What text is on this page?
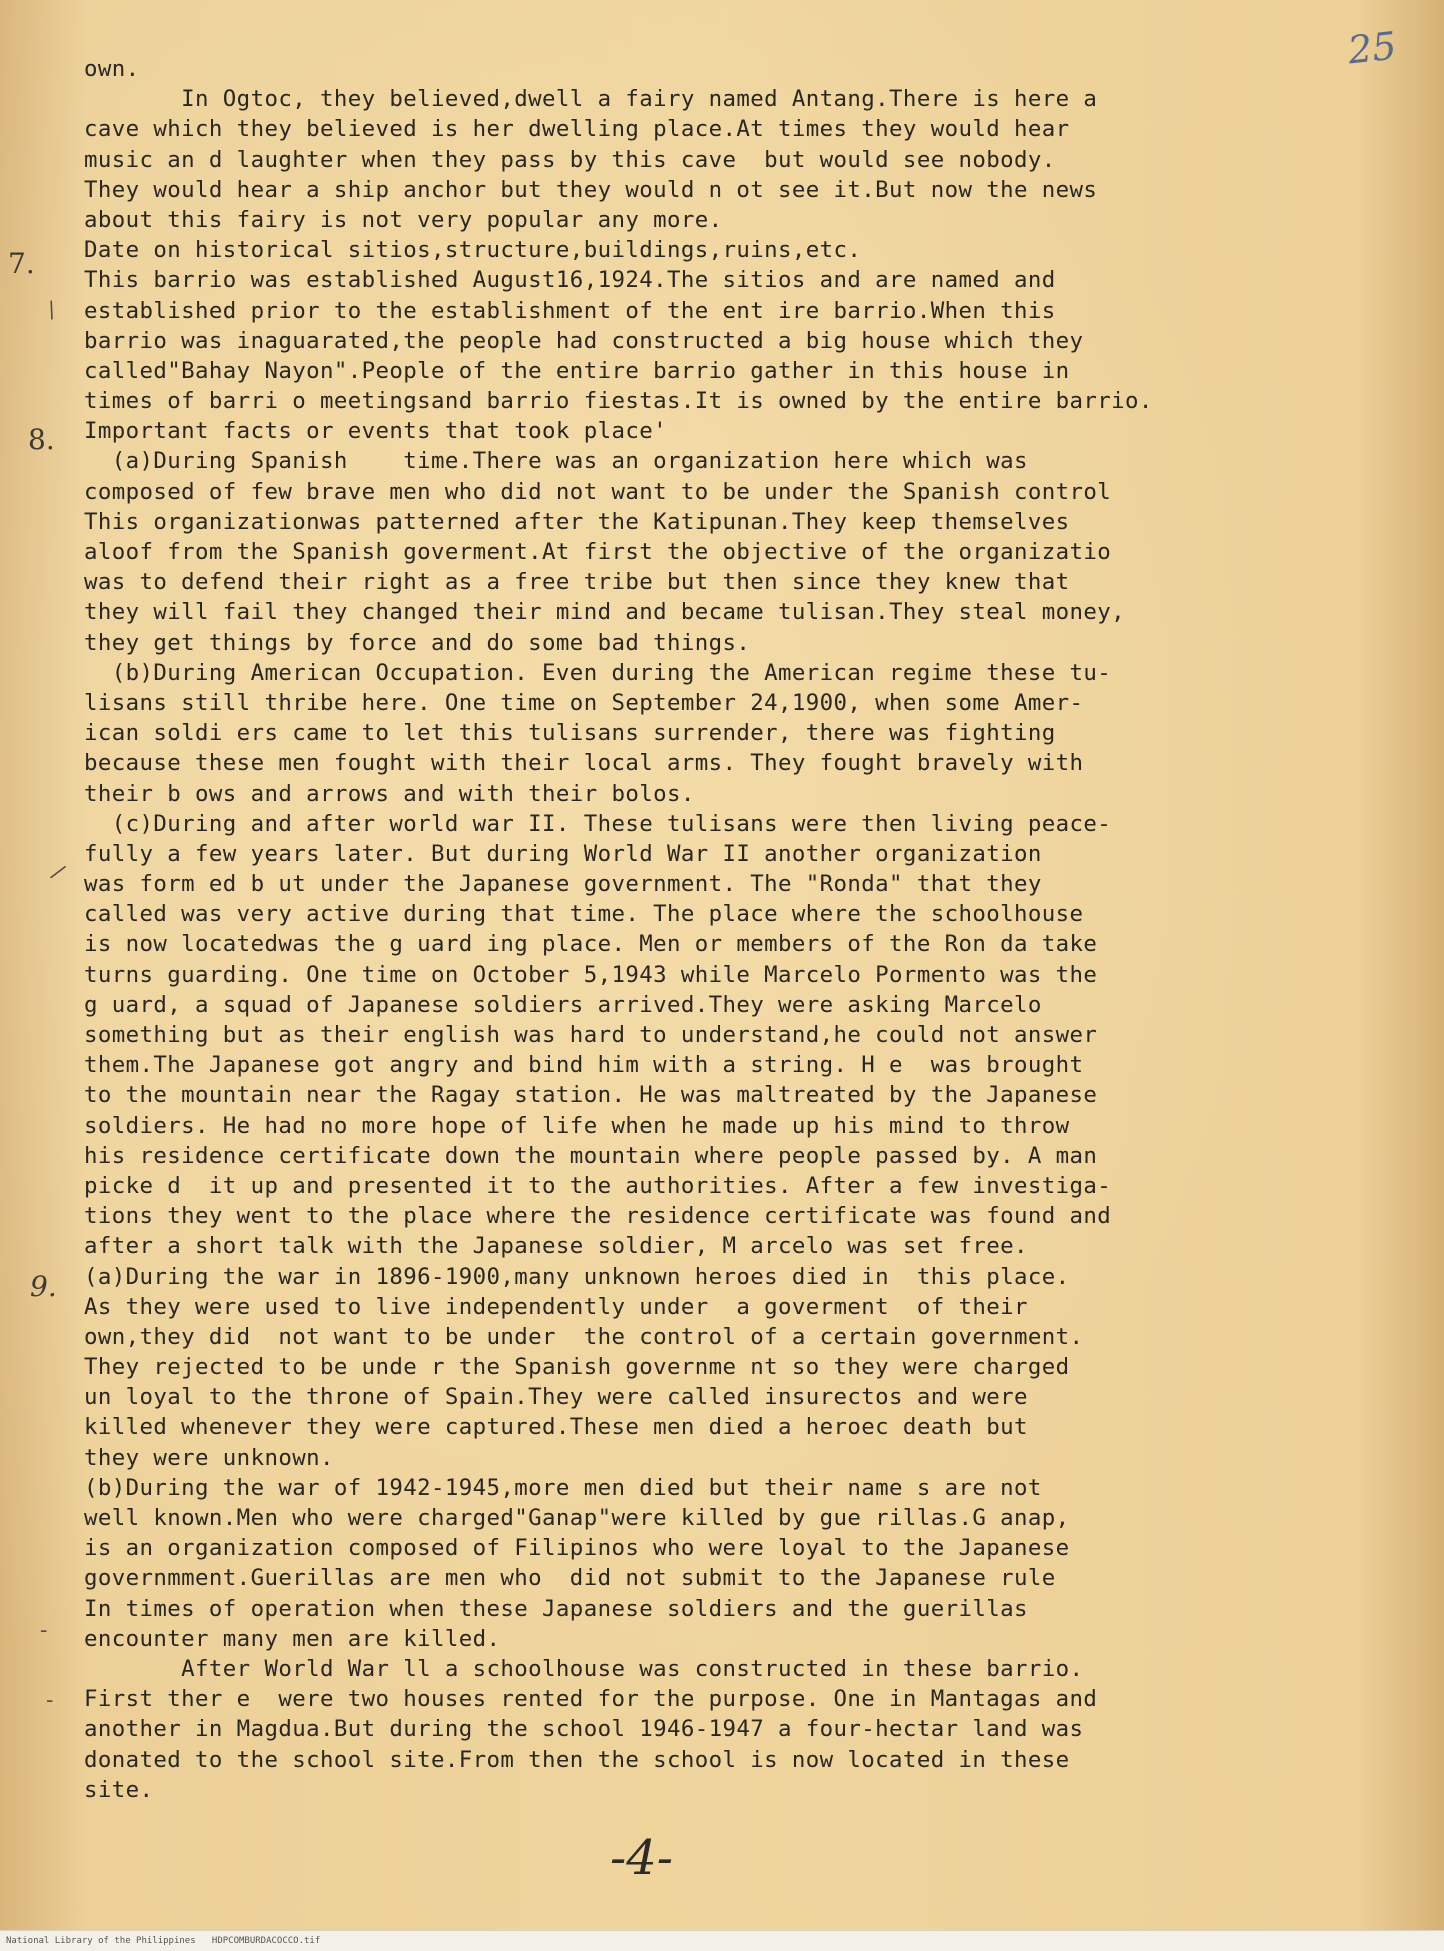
25
7.
8.
9.
/
/
-
-
own.
In Ogtoc, they believed,dwell a fairy named Antang.There is here a
cave which they believed is her dwelling place.At times they would hear
music an d laughter when they pass by this cave  but would see nobody.
They would hear a ship anchor but they would n ot see it.But now the news
about this fairy is not very popular any more.
Date on historical sitios,structure,buildings,ruins,etc.
This barrio was established August16,1924.The sitios and are named and
established prior to the establishment of the ent ire barrio.When this
barrio was inaguarated,the people had constructed a big house which they
called"Bahay Nayon".People of the entire barrio gather in this house in
times of barri o meetingsand barrio fiestas.It is owned by the entire barrio.
Important facts or events that took place'
(a)During Spanish    time.There was an organization here which was
composed of few brave men who did not want to be under the Spanish control
This organizationwas patterned after the Katipunan.They keep themselves
aloof from the Spanish goverment.At first the objective of the organizatio
was to defend their right as a free tribe but then since they knew that
they will fail they changed their mind and became tulisan.They steal money,
they get things by force and do some bad things.
(b)During American Occupation. Even during the American regime these tu-
lisans still thribe here. One time on September 24,1900, when some Amer-
ican soldi ers came to let this tulisans surrender, there was fighting
because these men fought with their local arms. They fought bravely with
their b ows and arrows and with their bolos.
(c)During and after world war II. These tulisans were then living peace-
fully a few years later. But during World War II another organization
was form ed b ut under the Japanese government. The "Ronda" that they
called was very active during that time. The place where the schoolhouse
is now locatedwas the g uard ing place. Men or members of the Ron da take
turns guarding. One time on October 5,1943 while Marcelo Pormento was the
g uard, a squad of Japanese soldiers arrived.They were asking Marcelo
something but as their english was hard to understand,he could not answer
them.The Japanese got angry and bind him with a string. H e  was brought
to the mountain near the Ragay station. He was maltreated by the Japanese
soldiers. He had no more hope of life when he made up his mind to throw
his residence certificate down the mountain where people passed by. A man
picke d  it up and presented it to the authorities. After a few investiga-
tions they went to the place where the residence certificate was found and
after a short talk with the Japanese soldier, M arcelo was set free.
(a)During the war in 1896-1900,many unknown heroes died in  this place.
As they were used to live independently under  a goverment  of their
own,they did  not want to be under  the control of a certain government.
They rejected to be unde r the Spanish governme nt so they were charged
un loyal to the throne of Spain.They were called insurectos and were
killed whenever they were captured.These men died a heroec death but
they were unknown.
(b)During the war of 1942-1945,more men died but their name s are not
well known.Men who were charged"Ganap"were killed by gue rillas.G anap,
is an organization composed of Filipinos who were loyal to the Japanese
governmment.Guerillas are men who  did not submit to the Japanese rule
In times of operation when these Japanese soldiers and the guerillas
encounter many men are killed.
After World War ll a schoolhouse was constructed in these barrio.
First ther e  were two houses rented for the purpose. One in Mantagas and
another in Magdua.But during the school 1946-1947 a four-hectar land was
donated to the school site.From then the school is now located in these
site.
-4-
National Library of the Philippines   HDPCOMBURDACOCCO.tif
